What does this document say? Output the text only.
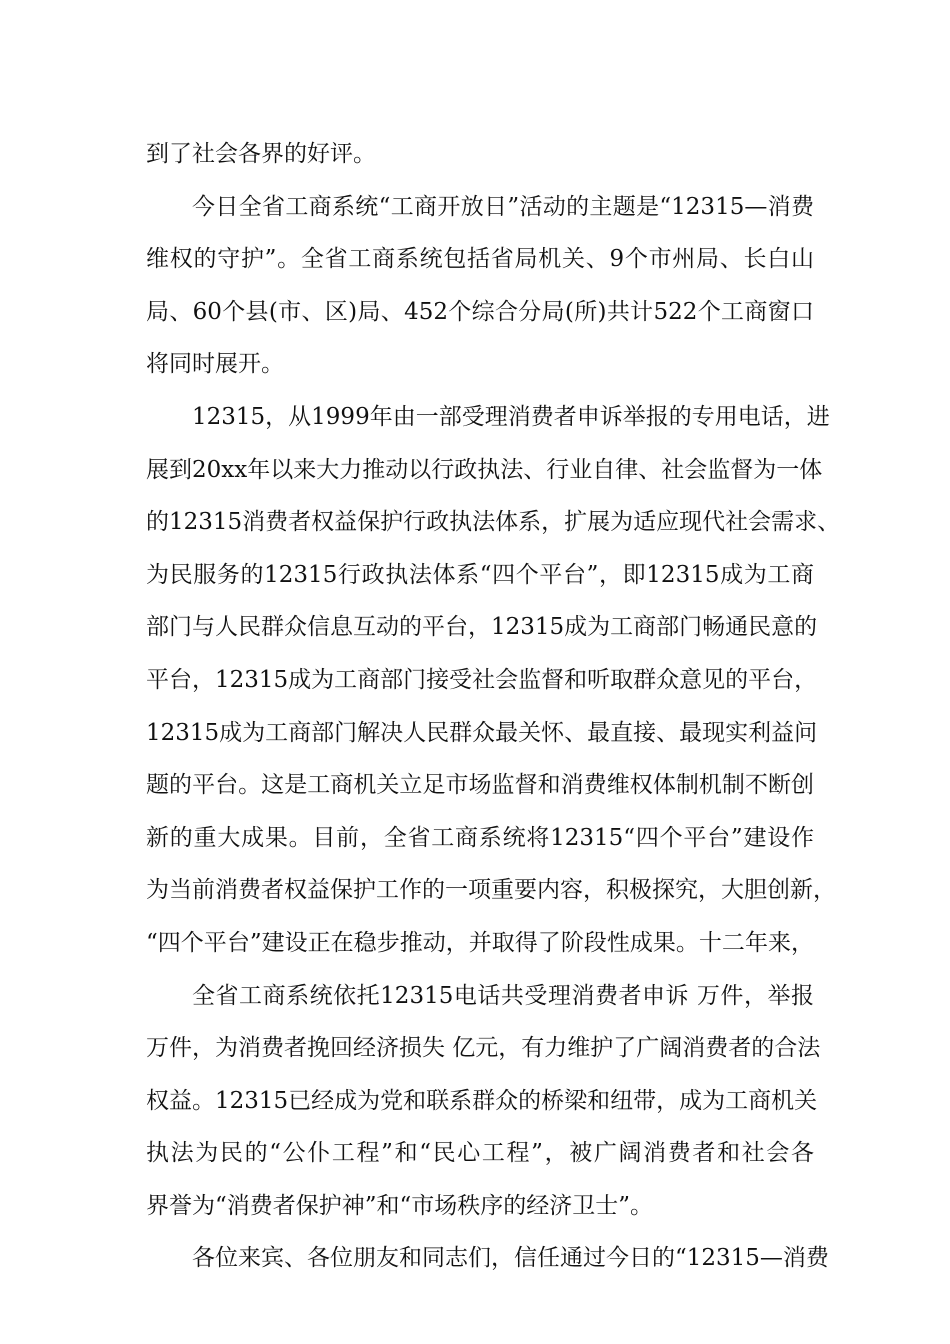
到了社会各界的好评。
今日全省工商系统“工商开放日”活动的主题是“12315—消费
维权的守护”。全省工商系统包括省局机关、9个市州局、长白山
局、60个县(市、区)局、452个综合分局(所)共计522个工商窗口
将同时展开。
12315，从1999年由一部受理消费者申诉举报的专用电话，进
展到20xx年以来大力推动以行政执法、行业自律、社会监督为一体
的12315消费者权益保护行政执法体系，扩展为适应现代社会需求、
为民服务的12315行政执法体系“四个平台”，即12315成为工商
部门与人民群众信息互动的平台，12315成为工商部门畅通民意的
平台，12315成为工商部门接受社会监督和听取群众意见的平台，
12315成为工商部门解决人民群众最关怀、最直接、最现实利益问
题的平台。这是工商机关立足市场监督和消费维权体制机制不断创
新的重大成果。目前，全省工商系统将12315“四个平台”建设作
为当前消费者权益保护工作的一项重要内容，积极探究，大胆创新，
“四个平台”建设正在稳步推动，并取得了阶段性成果。十二年来，
全省工商系统依托12315电话共受理消费者申诉 万件，举报
万件，为消费者挽回经济损失 亿元，有力维护了广阔消费者的合法
权益。12315已经成为党和联系群众的桥梁和纽带，成为工商机关
执法为民的“公仆工程”和“民心工程”，被广阔消费者和社会各
界誉为“消费者保护神”和“市场秩序的经济卫士”。
各位来宾、各位朋友和同志们，信任通过今日的“12315—消费
